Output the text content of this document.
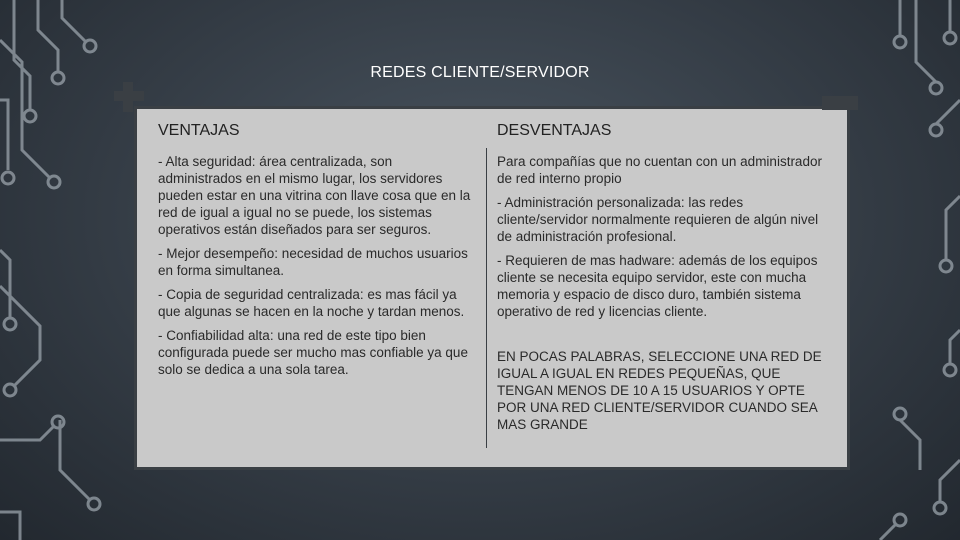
REDES CLIENTE/SERVIDOR
VENTAJAS

- Alta seguridad: área centralizada, son administrados en el mismo lugar, los servidores pueden estar en una vitrina con llave cosa que en la red de igual a igual no se puede, los sistemas operativos están diseñados para ser seguros.

- Mejor desempeño: necesidad de muchos usuarios en forma simultanea.

- Copia de seguridad centralizada: es mas fácil ya que algunas se hacen en la noche y tardan menos.

- Confiabilidad alta: una red de este tipo bien configurada puede ser mucho mas confiable ya que solo se dedica a una sola tarea.

DESVENTAJAS

Para compañías que no cuentan con un administrador de red interno propio

- Administración personalizada: las redes cliente/servidor normalmente requieren de algún nivel de administración profesional.

- Requieren de mas hadware: además de los equipos cliente se necesita equipo servidor, este con mucha memoria y espacio de disco duro, también sistema operativo de red y licencias cliente.

EN POCAS PALABRAS, SELECCIONE UNA RED DE IGUAL A IGUAL EN REDES PEQUEÑAS, QUE TENGAN MENOS DE 10 A 15 USUARIOS Y OPTE POR UNA RED CLIENTE/SERVIDOR CUANDO SEA MAS GRANDE
